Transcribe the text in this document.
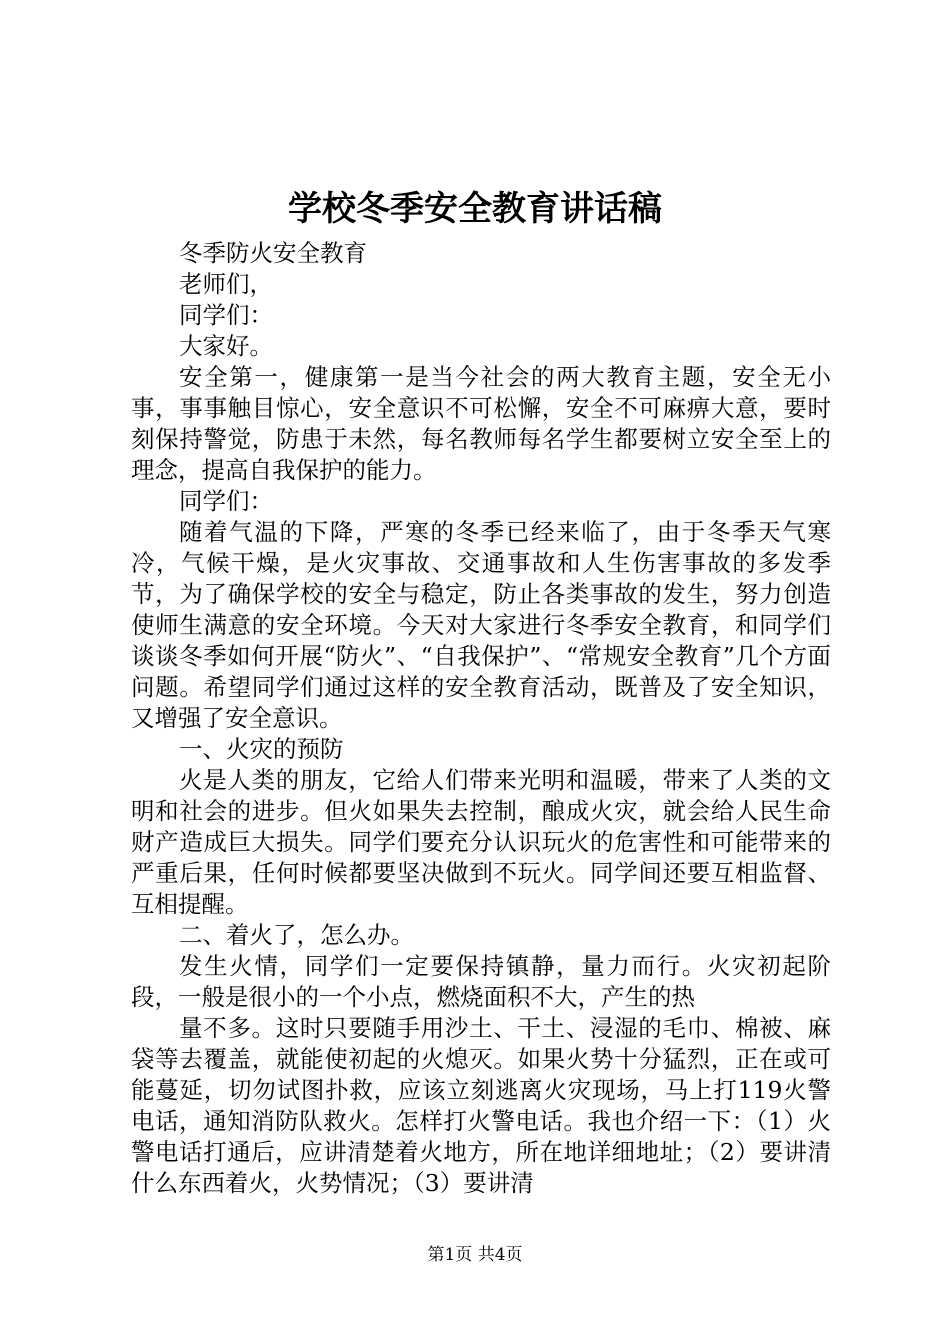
学校冬季安全教育讲话稿

冬季防火安全教育

老师们，

同学们：

大家好。

安全第一，健康第一是当今社会的两大教育主题，安全无小事，事事触目惊心，安全意识不可松懈，安全不可麻痹大意，要时刻保持警觉，防患于未然，每名教师每名学生都要树立安全至上的理念，提高自我保护的能力。

同学们：

随着气温的下降，严寒的冬季已经来临了，由于冬季天气寒冷，气候干燥，是火灾事故、交通事故和人生伤害事故的多发季节，为了确保学校的安全与稳定，防止各类事故的发生，努力创造使师生满意的安全环境。今天对大家进行冬季安全教育，和同学们谈谈冬季如何开展“防火”、“自我保护”、“常规安全教育”几个方面问题。希望同学们通过这样的安全教育活动，既普及了安全知识，又增强了安全意识。

一、火灾的预防

火是人类的朋友，它给人们带来光明和温暖，带来了人类的文明和社会的进步。但火如果失去控制，酿成火灾，就会给人民生命财产造成巨大损失。同学们要充分认识玩火的危害性和可能带来的严重后果，任何时候都要坚决做到不玩火。同学间还要互相监督、互相提醒。

二、着火了，怎么办。

发生火情，同学们一定要保持镇静，量力而行。火灾初起阶段，一般是很小的一个小点，燃烧面积不大，产生的热

量不多。这时只要随手用沙土、干土、浸湿的毛巾、棉被、麻袋等去覆盖，就能使初起的火熄灭。如果火势十分猛烈，正在或可能蔓延，切勿试图扑救，应该立刻逃离火灾现场，马上打119火警电话，通知消防队救火。怎样打火警电话。我也介绍一下：（1）火警电话打通后，应讲清楚着火地方，所在地详细地址；（2）要讲清什么东西着火，火势情况；（3）要讲清

第1页 共4页
